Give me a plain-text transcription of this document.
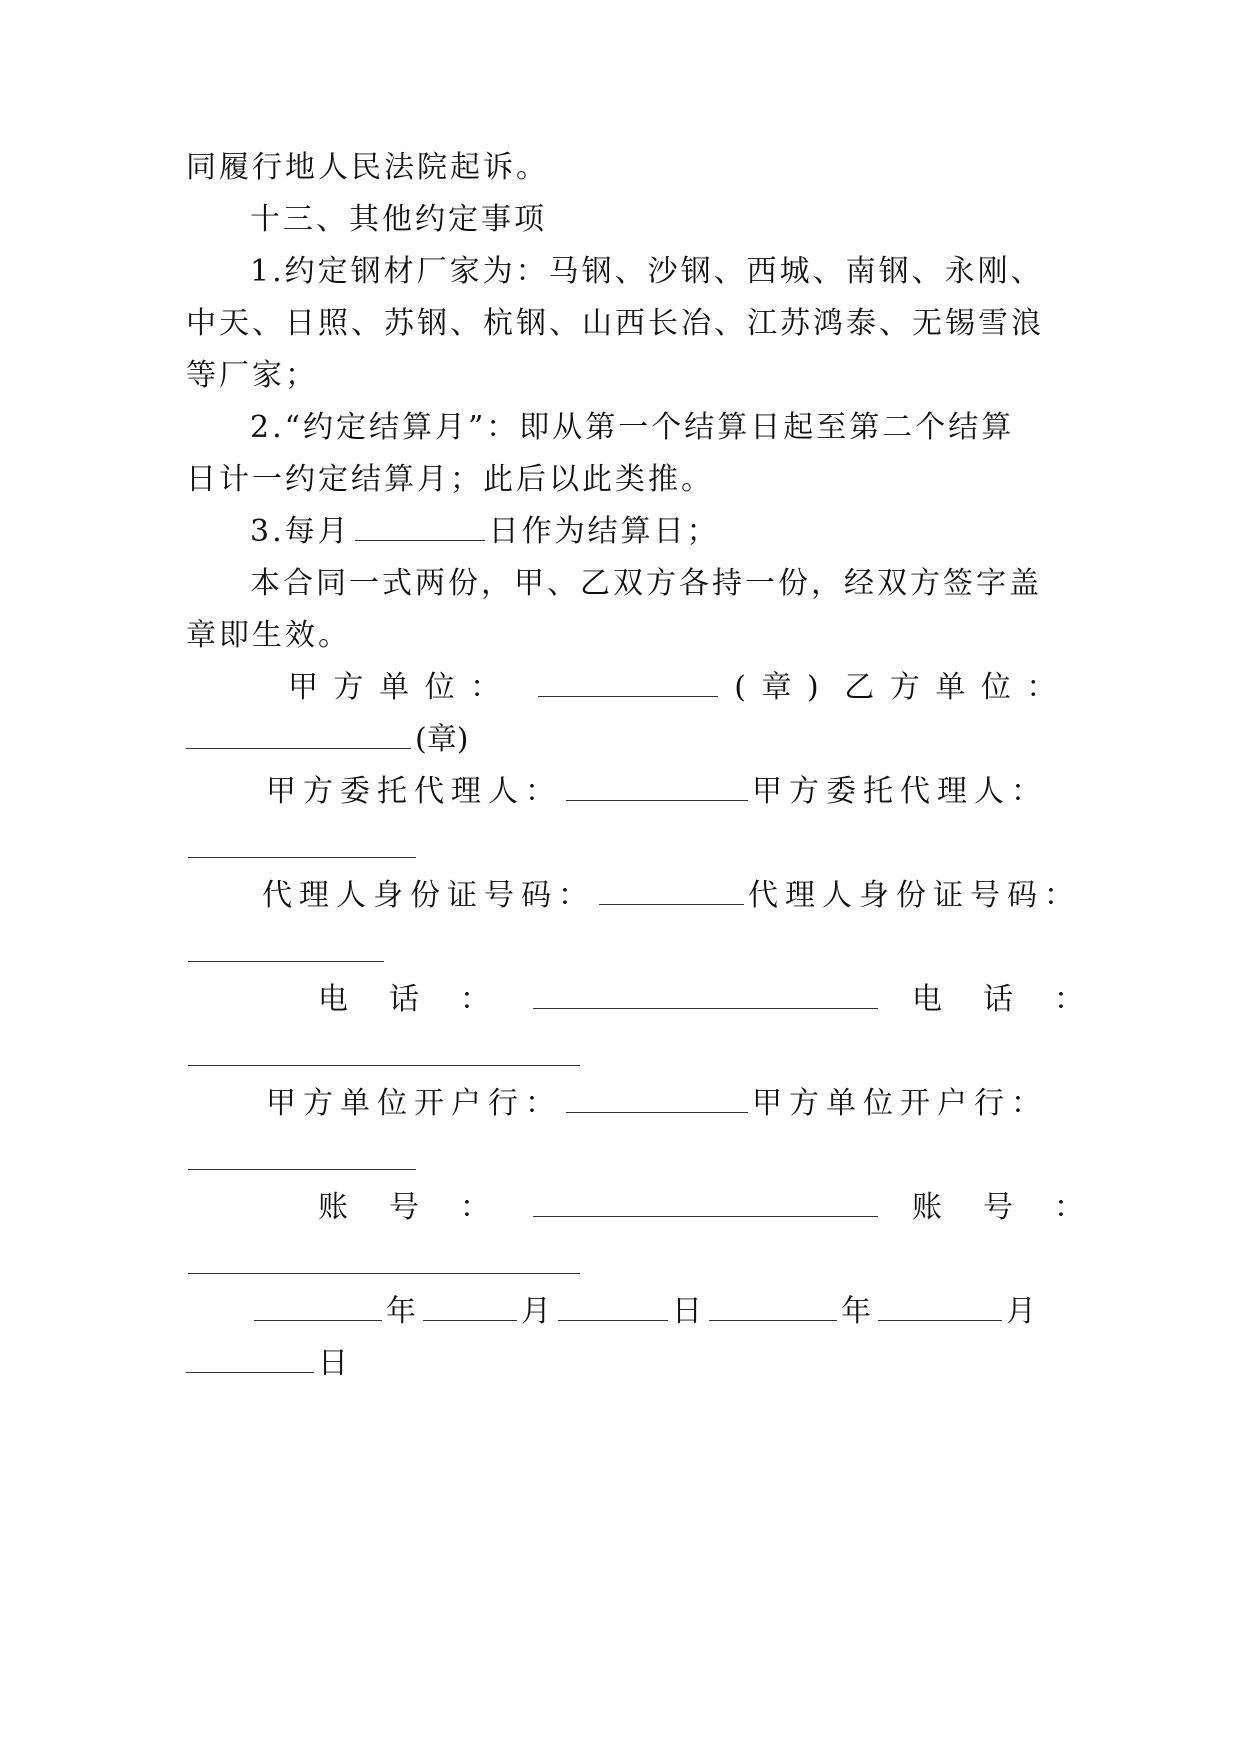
同履行地人民法院起诉。
十三、其他约定事项
1.约定钢材厂家为：马钢、沙钢、西城、南钢、永刚、
中天、日照、苏钢、杭钢、山西长冶、江苏鸿泰、无锡雪浪
等厂家；
2.“约定结算月”：即从第一个结算日起至第二个结算
日计一约定结算月；此后以此类推。
3.每月	日作为结算日；
本合同一式两份，甲、乙双方各持一份，经双方签字盖
章即生效。
甲 方 单 位 ：	( 章 ) 乙 方 单 位 ：
(章)
甲方委托代理人：	甲方委托代理人：
代理人身份证号码：	代理人身份证号码：
电 话 ：	电 话 ：
甲方单位开户行：	甲方单位开户行：
账 号 ：	账 号 ：
年	月	日	年	月
日
